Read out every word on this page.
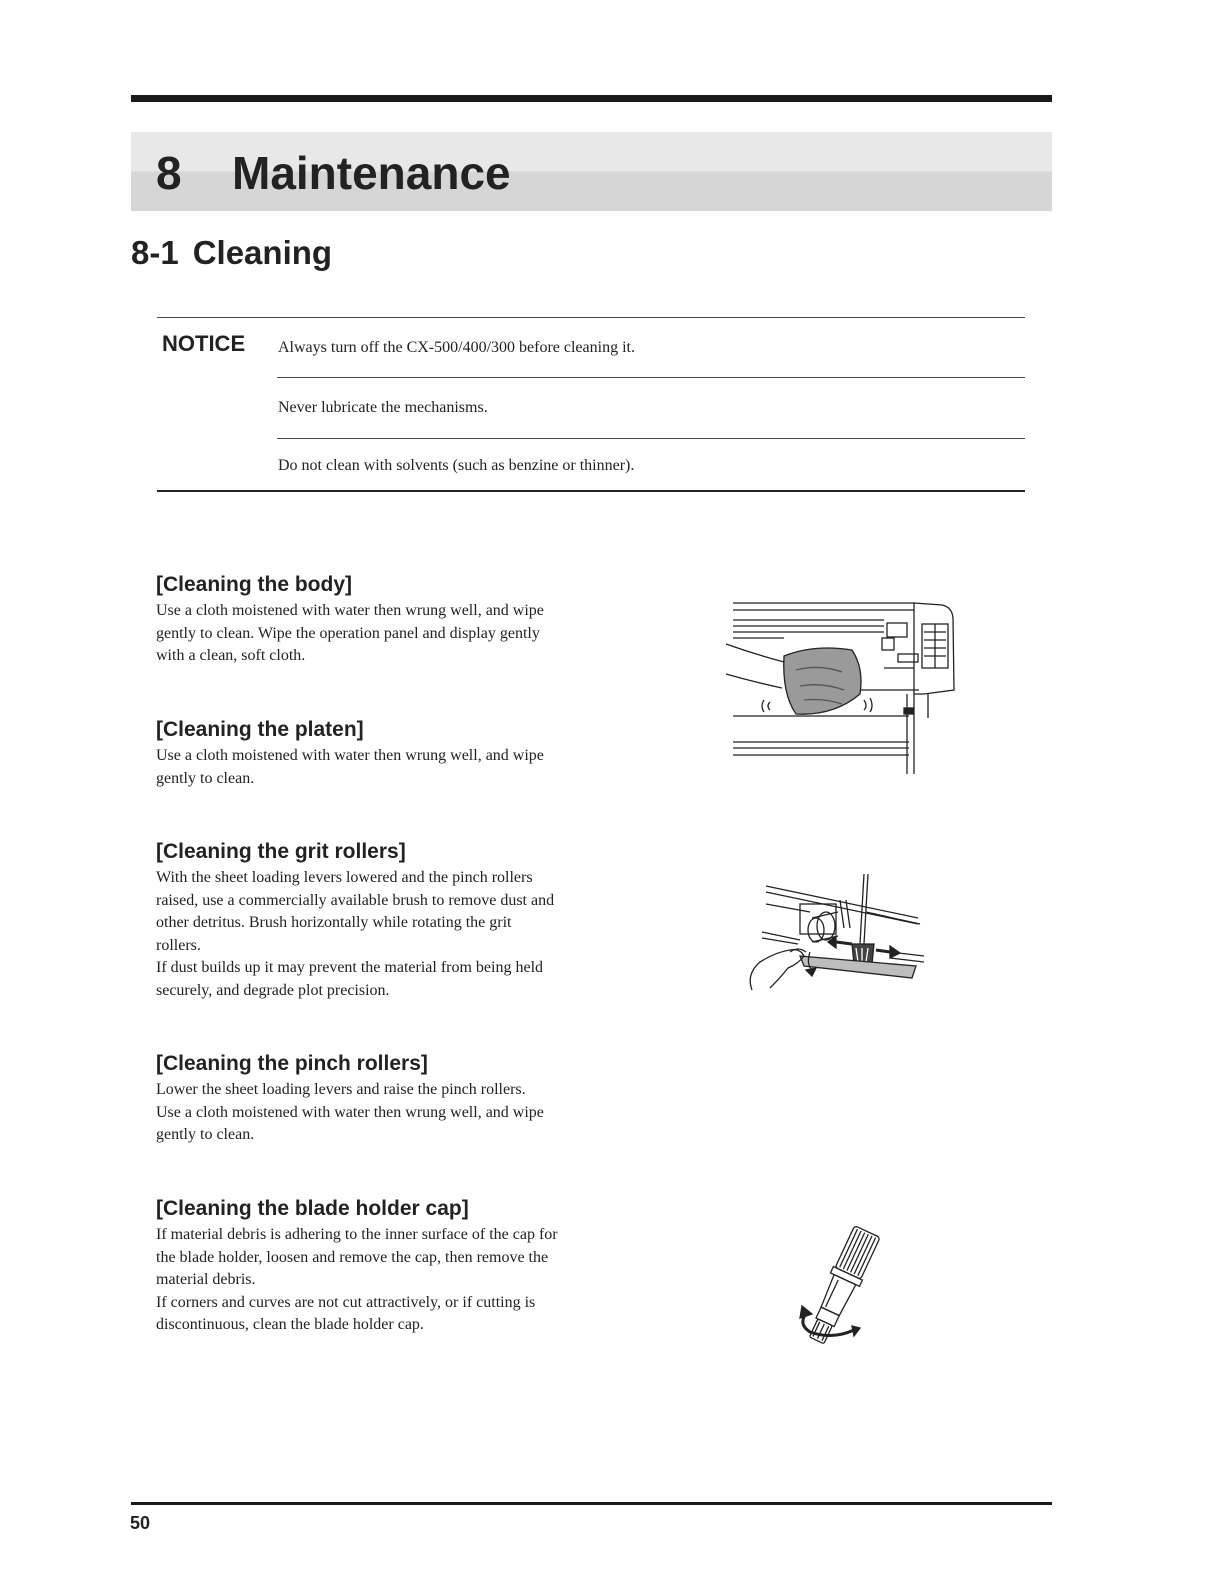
8 Maintenance
8-1 Cleaning
NOTICE Always turn off the CX-500/400/300 before cleaning it.
Never lubricate the mechanisms.
Do not clean with solvents (such as benzine or thinner).
[Cleaning the body]
Use a cloth moistened with water then wrung well, and wipe
gently to clean. Wipe the operation panel and display gently
with a clean, soft cloth.
[Cleaning the platen]
Use a cloth moistened with water then wrung well, and wipe
gently to clean.
[Cleaning the grit rollers]
With the sheet loading levers lowered and the pinch rollers
raised, use a commercially available brush to remove dust and
other detritus. Brush horizontally while rotating the grit
rollers.
If dust builds up it may prevent the material from being held
securely, and degrade plot precision.
[Cleaning the pinch rollers]
Lower the sheet loading levers and raise the pinch rollers.
Use a cloth moistened with water then wrung well, and wipe
gently to clean.
[Cleaning the blade holder cap]
If material debris is adhering to the inner surface of the cap for
the blade holder, loosen and remove the cap, then remove the
material debris.
If corners and curves are not cut attractively, or if cutting is
discontinuous, clean the blade holder cap.
50
